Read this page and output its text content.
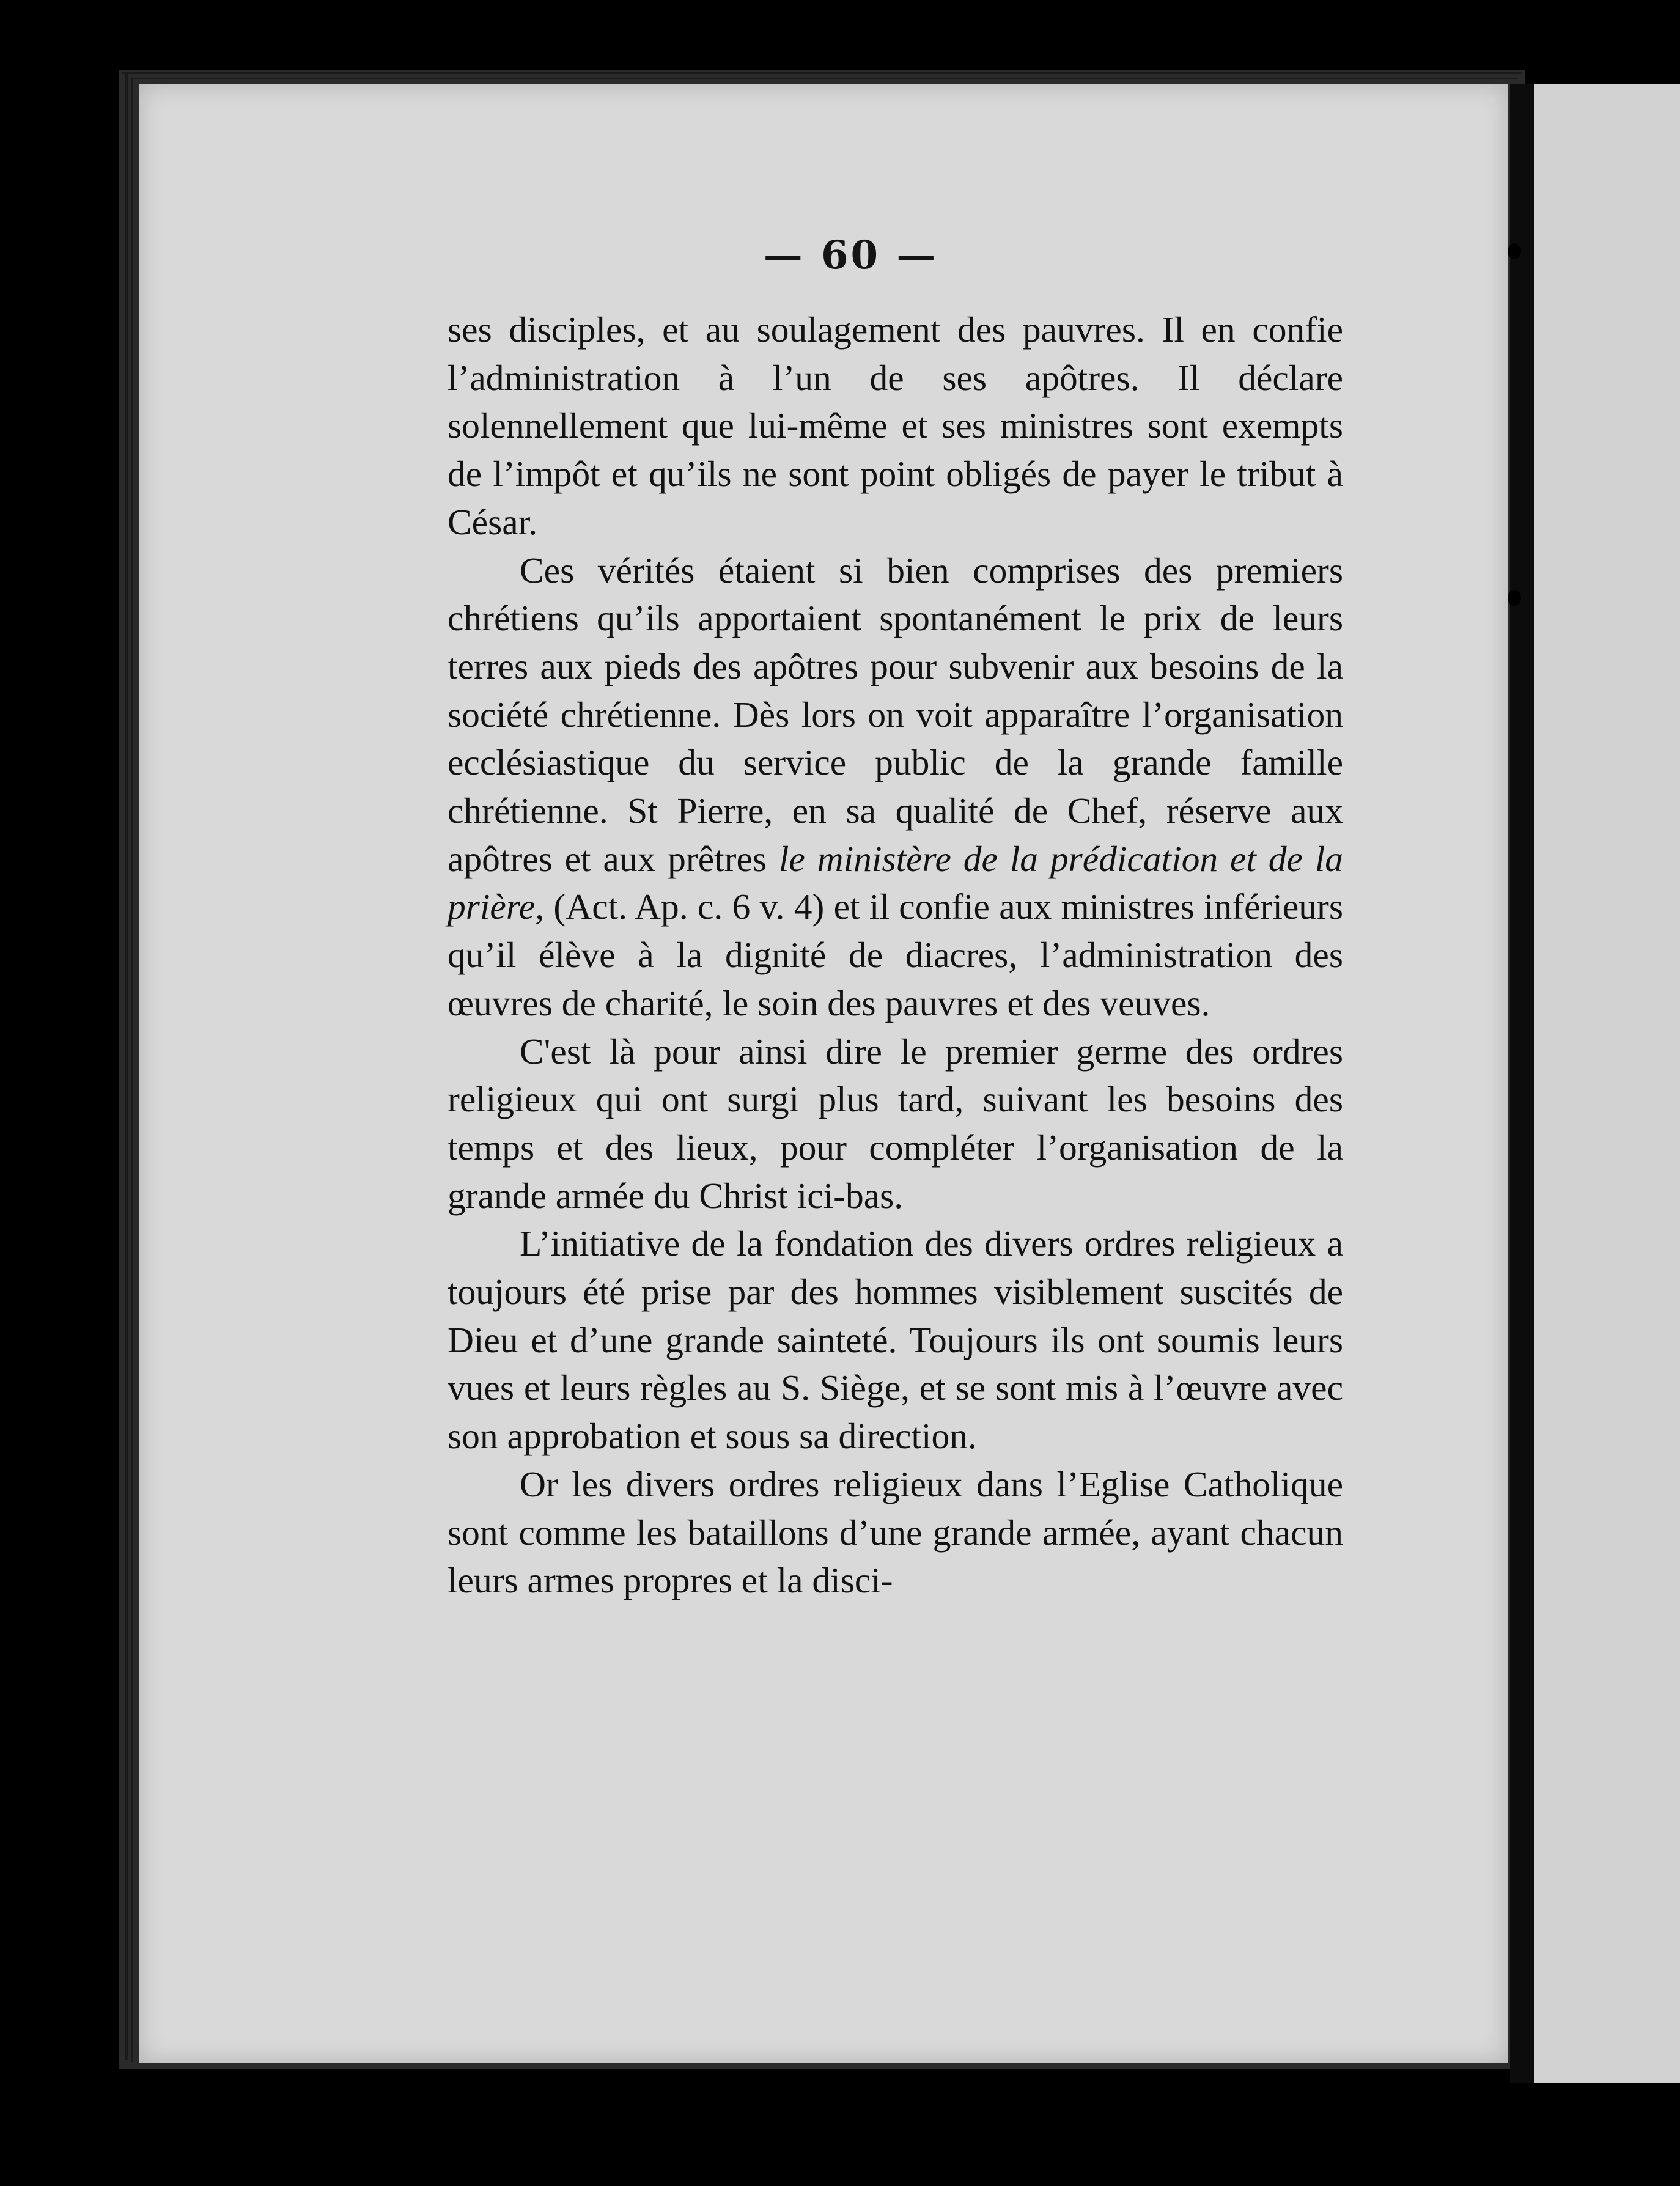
— 60 —

ses disciples, et au soulagement des pauvres. Il en confie l’administration à l’un de ses apôtres. Il déclare solennellement que lui-même et ses ministres sont exempts de l’impôt et qu’ils ne sont point obligés de payer le tribut à César.

Ces vérités étaient si bien comprises des premiers chrétiens qu’ils apportaient spontanément le prix de leurs terres aux pieds des apôtres pour subvenir aux besoins de la société chrétienne. Dès lors on voit apparaître l’organisation ecclésiastique du service public de la grande famille chrétienne. St Pierre, en sa qualité de Chef, réserve aux apôtres et aux prêtres le ministère de la prédication et de la prière, (Act. Ap. c. 6 v. 4) et il confie aux ministres inférieurs qu’il élève à la dignité de diacres, l’administration des œuvres de charité, le soin des pauvres et des veuves.

C'est là pour ainsi dire le premier germe des ordres religieux qui ont surgi plus tard, suivant les besoins des temps et des lieux, pour compléter l’organisation de la grande armée du Christ ici-bas.

L’initiative de la fondation des divers ordres religieux a toujours été prise par des hommes visiblement suscités de Dieu et d’une grande sainteté. Toujours ils ont soumis leurs vues et leurs règles au S. Siège, et se sont mis à l’œuvre avec son approbation et sous sa direction.

Or les divers ordres religieux dans l’Eglise Catholique sont comme les bataillons d’une grande armée, ayant chacun leurs armes propres et la disci-
